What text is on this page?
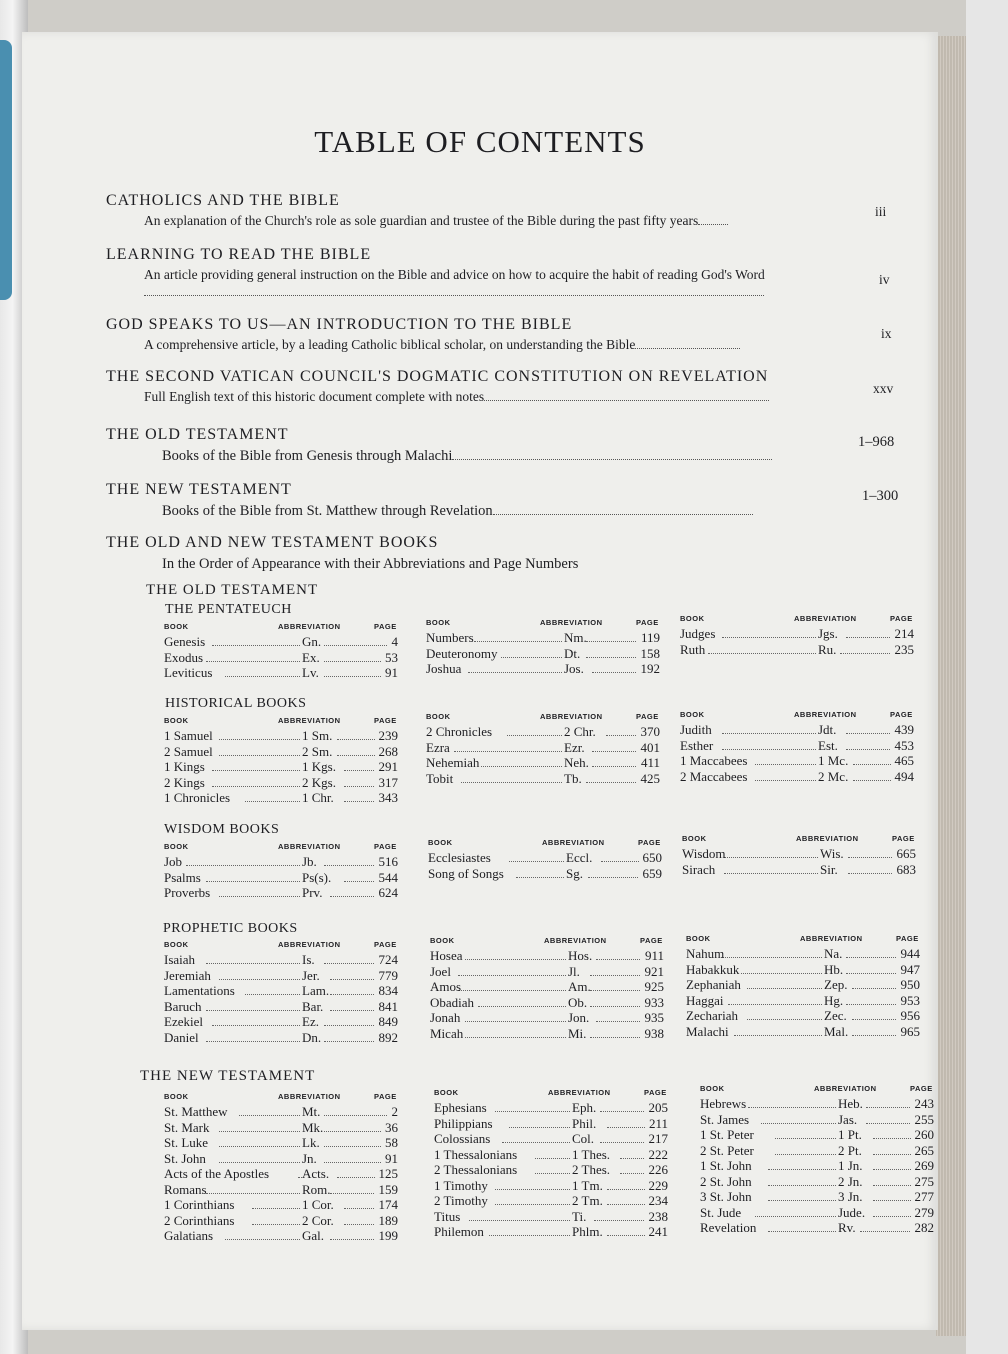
TABLE OF CONTENTS
CATHOLICS AND THE BIBLE
An explanation of the Church's role as sole guardian and trustee of the Bible during the past fifty years
iii
LEARNING TO READ THE BIBLE
An article providing general instruction on the Bible and advice on how to acquire the habit of reading God's Word	iv
GOD SPEAKS TO US—AN INTRODUCTION TO THE BIBLE
A comprehensive article, by a leading Catholic biblical scholar, on understanding the Bible
ix
THE SECOND VATICAN COUNCIL'S DOGMATIC CONSTITUTION ON REVELATION
Full English text of this historic document complete with notes
xxv
THE OLD TESTAMENT
Books of the Bible from Genesis through Malachi
1–968
THE NEW TESTAMENT
Books of the Bible from St. Matthew through Revelation
1–300
THE OLD AND NEW TESTAMENT BOOKS
In the Order of Appearance with their Abbreviations and Page Numbers
THE OLD TESTAMENT
THE NEW TESTAMENT
THE PENTATEUCH
HISTORICAL BOOKS
WISDOM BOOKS
PROPHETIC BOOKS
BOOK	ABBREVIATION	PAGE
Genesis	Gn.	4
Exodus	Ex.	53
Leviticus	Lv.	91
BOOK	ABBREVIATION	PAGE
Numbers	Nm.	119
Deuteronomy	Dt.	158
Joshua	Jos.	192
BOOK	ABBREVIATION	PAGE
Judges	Jgs.	214
Ruth	Ru.	235
BOOK	ABBREVIATION	PAGE
1 Samuel	1 Sm.	239
2 Samuel	2 Sm.	268
1 Kings	1 Kgs.	291
2 Kings	2 Kgs.	317
1 Chronicles	1 Chr.	343
BOOK	ABBREVIATION	PAGE
2 Chronicles	2 Chr.	370
Ezra	Ezr.	401
Nehemiah	Neh.	411
Tobit	Tb.	425
BOOK	ABBREVIATION	PAGE
Judith	Jdt.	439
Esther	Est.	453
1 Maccabees	1 Mc.	465
2 Maccabees	2 Mc.	494
BOOK	ABBREVIATION	PAGE
Job	Jb.	516
Psalms	Ps(s).	544
Proverbs	Prv.	624
BOOK	ABBREVIATION	PAGE
Ecclesiastes	Eccl.	650
Song of Songs	Sg.	659
BOOK	ABBREVIATION	PAGE
Wisdom	Wis.	665
Sirach	Sir.	683
BOOK	ABBREVIATION	PAGE
Isaiah	Is.	724
Jeremiah	Jer.	779
Lamentations	Lam.	834
Baruch	Bar.	841
Ezekiel	Ez.	849
Daniel	Dn.	892
BOOK	ABBREVIATION	PAGE
Hosea	Hos.	911
Joel	Jl.	921
Amos	Am.	925
Obadiah	Ob.	933
Jonah	Jon.	935
Micah	Mi.	938
BOOK	ABBREVIATION	PAGE
Nahum	Na.	944
Habakkuk	Hb.	947
Zephaniah	Zep.	950
Haggai	Hg.	953
Zechariah	Zec.	956
Malachi	Mal.	965
BOOK	ABBREVIATION	PAGE
St. Matthew	Mt.	2
St. Mark	Mk.	36
St. Luke	Lk.	58
St. John	Jn.	91
Acts of the Apostles	Acts.	125
Romans	Rom.	159
1 Corinthians	1 Cor.	174
2 Corinthians	2 Cor.	189
Galatians	Gal.	199
BOOK	ABBREVIATION	PAGE
Ephesians	Eph.	205
Philippians	Phil.	211
Colossians	Col.	217
1 Thessalonians	1 Thes.	222
2 Thessalonians	2 Thes.	226
1 Timothy	1 Tm.	229
2 Timothy	2 Tm.	234
Titus	Ti.	238
Philemon	Phlm.	241
BOOK	ABBREVIATION	PAGE
Hebrews	Heb.	243
St. James	Jas.	255
1 St. Peter	1 Pt.	260
2 St. Peter	2 Pt.	265
1 St. John	1 Jn.	269
2 St. John	2 Jn.	275
3 St. John	3 Jn.	277
St. Jude	Jude.	279
Revelation	Rv.	282
